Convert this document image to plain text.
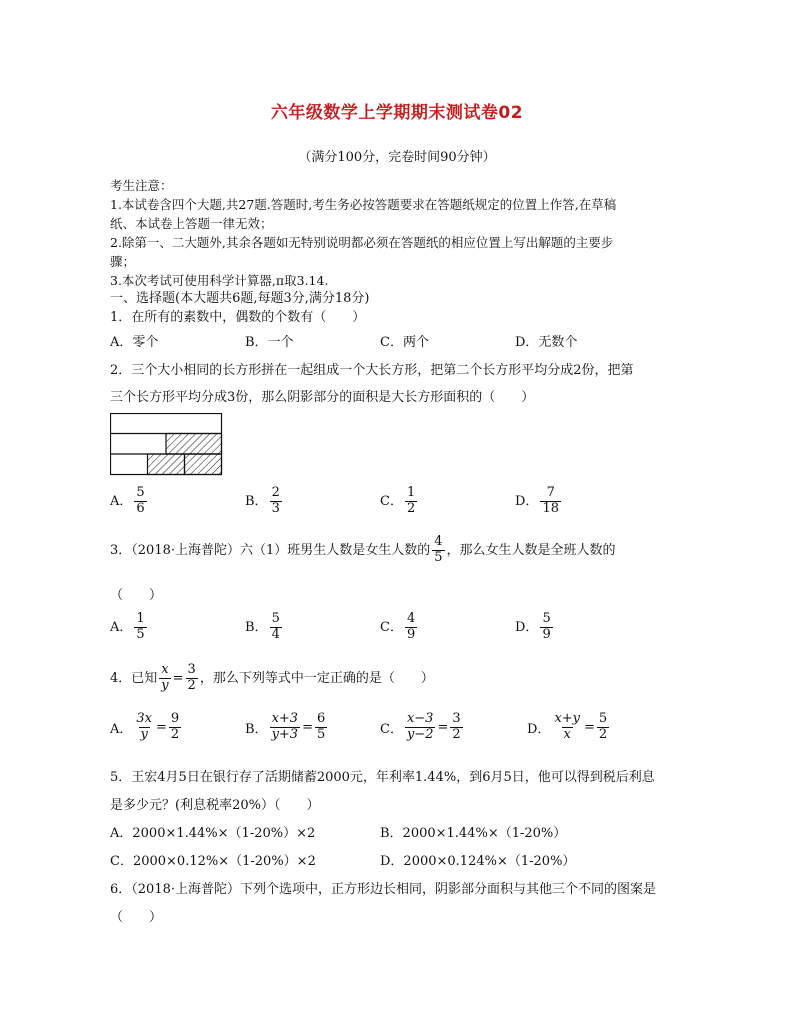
六年级数学上学期期末测试卷02
（满分100分，完卷时间90分钟）
考生注意：
1.本试卷含四个大题,共27题.答题时,考生务必按答题要求在答题纸规定的位置上作答,在草稿
纸、本试卷上答题一律无效；
2.除第一、二大题外,其余各题如无特别说明都必须在答题纸的相应位置上写出解题的主要步
骤；
3.本次考试可使用科学计算器,π取3.14.
一、选择题(本大题共6题,每题3分,满分18分)
1．在所有的素数中，偶数的个数有（　　）
A．零个	B．一个	C．两个	D．无数个
2．三个大小相同的长方形拼在一起组成一个大长方形，把第二个长方形平均分成2份，把第
三个长方形平均分成3份，那么阴影部分的面积是大长方形面积的（　　）
A． $\frac{5}{6}$	B． $\frac{2}{3}$	C． $\frac{1}{2}$	D． $\frac{7}{18}$
3．（2018·上海普陀）六（1）班男生人数是女生人数的 $\frac{4}{5}$ ，那么女生人数是全班人数的
（　　）
A． $\frac{1}{5}$	B． $\frac{5}{4}$	C． $\frac{4}{9}$	D． $\frac{5}{9}$
4．已知 $\frac{x}{y} = \frac{3}{2}$ ，那么下列等式中一定正确的是（　　）
A． $\frac{3x}{y} = \frac{9}{2}$	B． $\frac{x+3}{y+3} = \frac{6}{5}$	C． $\frac{x-3}{y-2} = \frac{3}{2}$	D． $\frac{x+y}{x} = \frac{5}{2}$
5．王宏4月5日在银行存了活期储蓄2000元，年利率1.44%，到6月5日，他可以得到税后利息
是多少元？(利息税率20%）（　　）
A．2000×1.44%×（1-20%）×2	B．2000×1.44%×（1-20%）
C．2000×0.12%×（1-20%）×2	D．2000×0.124%×（1-20%）
6．（2018·上海普陀）下列个选项中，正方形边长相同，阴影部分面积与其他三个不同的图案是
（　　）
